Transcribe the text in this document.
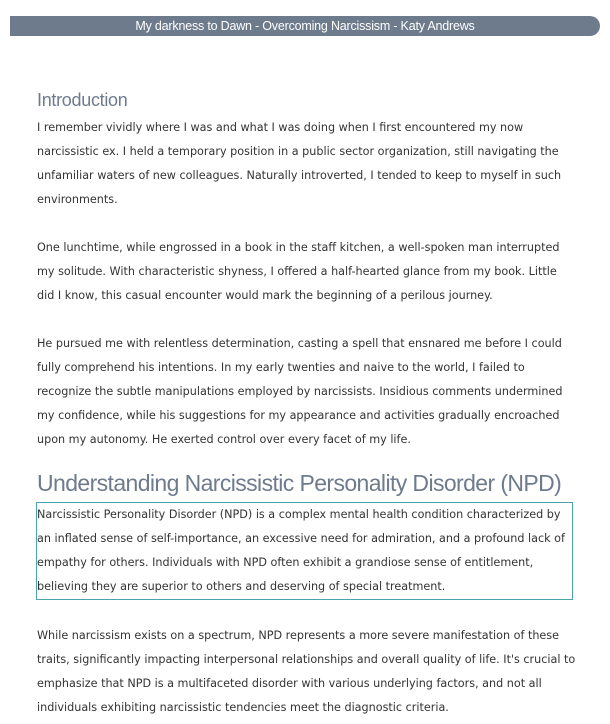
My darkness to Dawn - Overcoming Narcissism - Katy Andrews
Introduction

I remember vividly where I was and what I was doing when I first encountered my now narcissistic ex. I held a temporary position in a public sector organization, still navigating the unfamiliar waters of new colleagues. Naturally introverted, I tended to keep to myself in such environments.

One lunchtime, while engrossed in a book in the staff kitchen, a well-spoken man interrupted my solitude. With characteristic shyness, I offered a half-hearted glance from my book. Little did I know, this casual encounter would mark the beginning of a perilous journey.

He pursued me with relentless determination, casting a spell that ensnared me before I could fully comprehend his intentions. In my early twenties and naive to the world, I failed to recognize the subtle manipulations employed by narcissists. Insidious comments undermined my confidence, while his suggestions for my appearance and activities gradually encroached upon my autonomy. He exerted control over every facet of my life.

Understanding Narcissistic Personality Disorder (NPD)

Narcissistic Personality Disorder (NPD) is a complex mental health condition characterized by an inflated sense of self-importance, an excessive need for admiration, and a profound lack of empathy for others. Individuals with NPD often exhibit a grandiose sense of entitlement, believing they are superior to others and deserving of special treatment.

While narcissism exists on a spectrum, NPD represents a more severe manifestation of these traits, significantly impacting interpersonal relationships and overall quality of life. It's crucial to emphasize that NPD is a multifaceted disorder with various underlying factors, and not all individuals exhibiting narcissistic tendencies meet the diagnostic criteria.
